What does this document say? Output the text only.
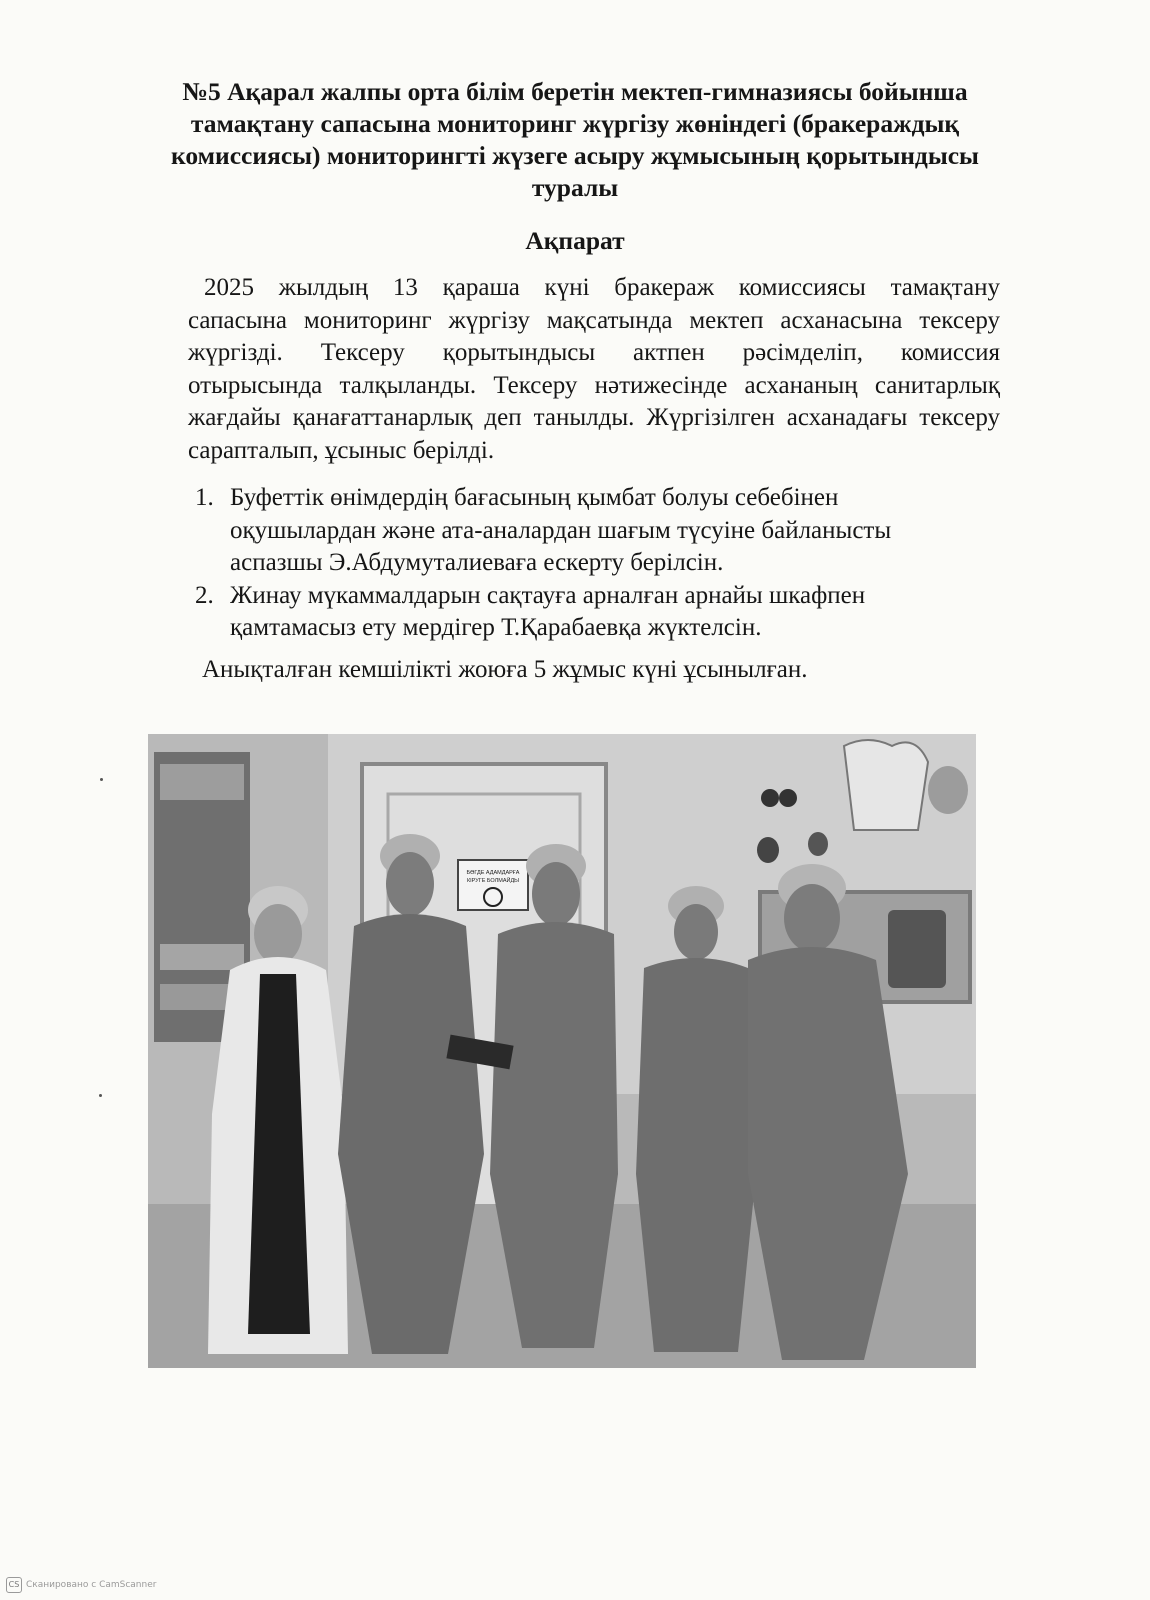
№5 Ақарал жалпы орта білім беретін мектеп-гимназиясы бойынша
тамақтану сапасына мониторинг жүргізу жөніндегі (бракераждық
комиссиясы) мониторингті жүзеге асыру жұмысының қорытындысы
туралы
Ақпарат

2025 жылдың 13 қараша күні бракераж комиссиясы тамақтану
сапасына мониторинг жүргізу мақсатында мектеп асханасына тексеру
жүргізді. Тексеру қорытындысы актпен рәсімделіп, комиссия
отырысында талқыланды. Тексеру нәтижесінде асхананың санитарлық
жағдайы қанағаттанарлық деп танылды. Жүргізілген асханадағы тексеру
сарапталып, ұсыныс берілді.

1. Буфеттік өнімдердің бағасының қымбат болуы себебінен
оқушылардан және ата-аналардан шағым түсуіне байланысты
аспазшы Э.Абдумуталиеваға ескерту берілсін.
2. Жинау мүкаммалдарын сақтауға арналған арнайы шкафпен
қамтамасыз ету мердігер Т.Қарабаевқа жүктелсін.
Анықталған кемшілікті жоюға 5 жұмыс күні ұсынылған.
БӨГДЕ АДАМДАРҒА
КІРУГЕ БОЛМАЙДЫ
CS Сканировано с CamScanner
